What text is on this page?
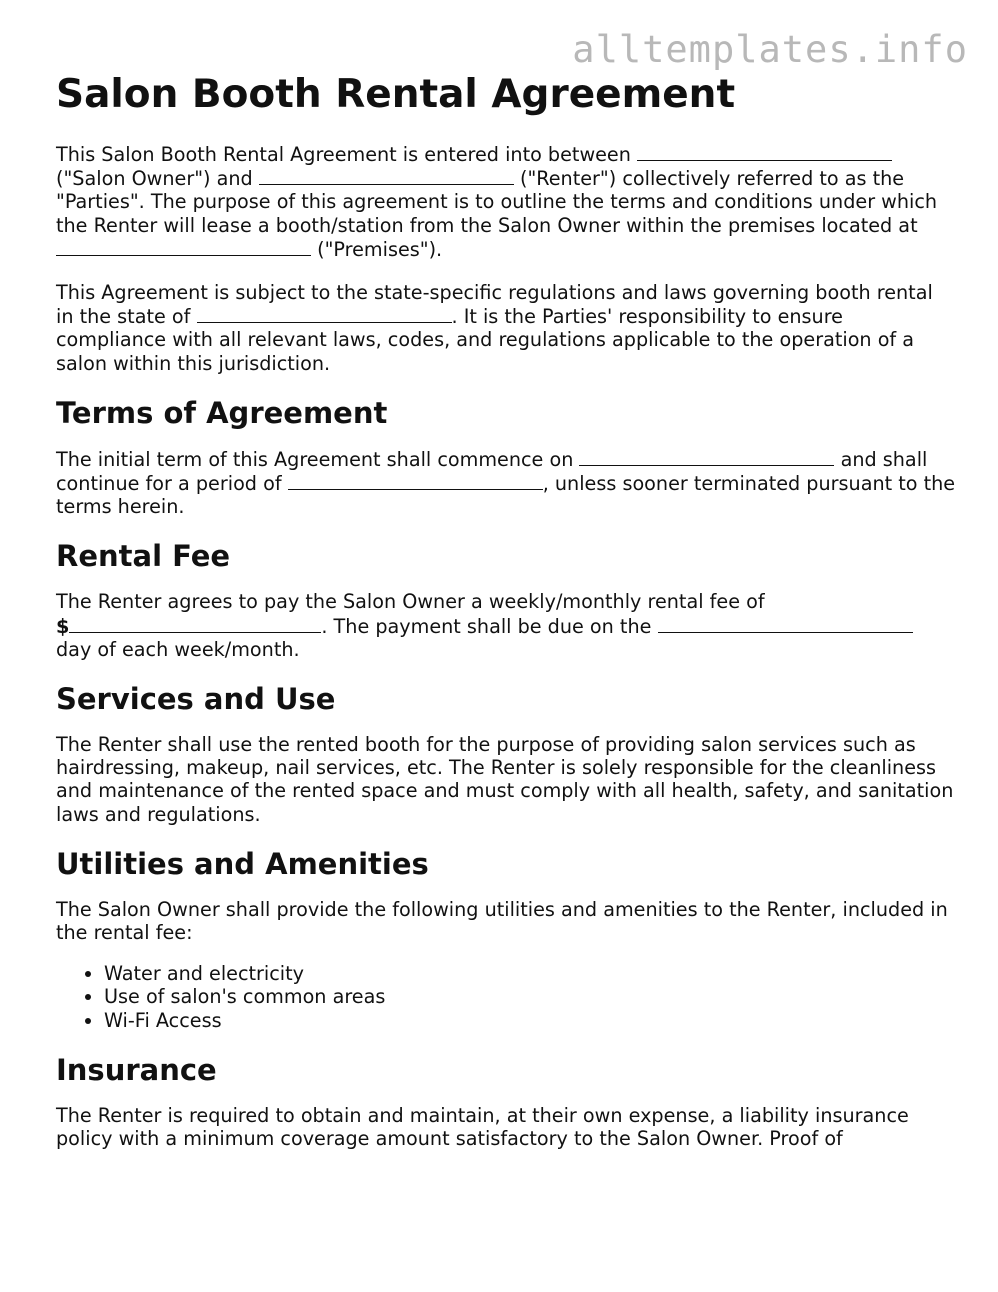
alltemplates.info
Salon Booth Rental Agreement

This Salon Booth Rental Agreement is entered into between
("Salon Owner") and	("Renter") collectively referred to as the "Parties". The purpose of this agreement is to outline the terms and conditions under which the Renter will lease a booth/station from the Salon Owner within the premises located at  ("Premises").

This Agreement is subject to the state-specific regulations and laws governing booth rental in the state of	. It is the Parties' responsibility to ensure compliance with all relevant laws, codes, and regulations applicable to the operation of a salon within this jurisdiction.

Terms of Agreement

The initial term of this Agreement shall commence on	and shall continue for a period of	, unless sooner terminated pursuant to the terms herein.

Rental Fee

The Renter agrees to pay the Salon Owner a weekly/monthly rental fee of
$	. The payment shall be due on the
day of each week/month.

Services and Use

The Renter shall use the rented booth for the purpose of providing salon services such as hairdressing, makeup, nail services, etc. The Renter is solely responsible for the cleanliness and maintenance of the rented space and must comply with all health, safety, and sanitation laws and regulations.

Utilities and Amenities

The Salon Owner shall provide the following utilities and amenities to the Renter, included in the rental fee:

• Water and electricity
• Use of salon's common areas
• Wi-Fi Access
Insurance

The Renter is required to obtain and maintain, at their own expense, a liability insurance policy with a minimum coverage amount satisfactory to the Salon Owner. Proof of
